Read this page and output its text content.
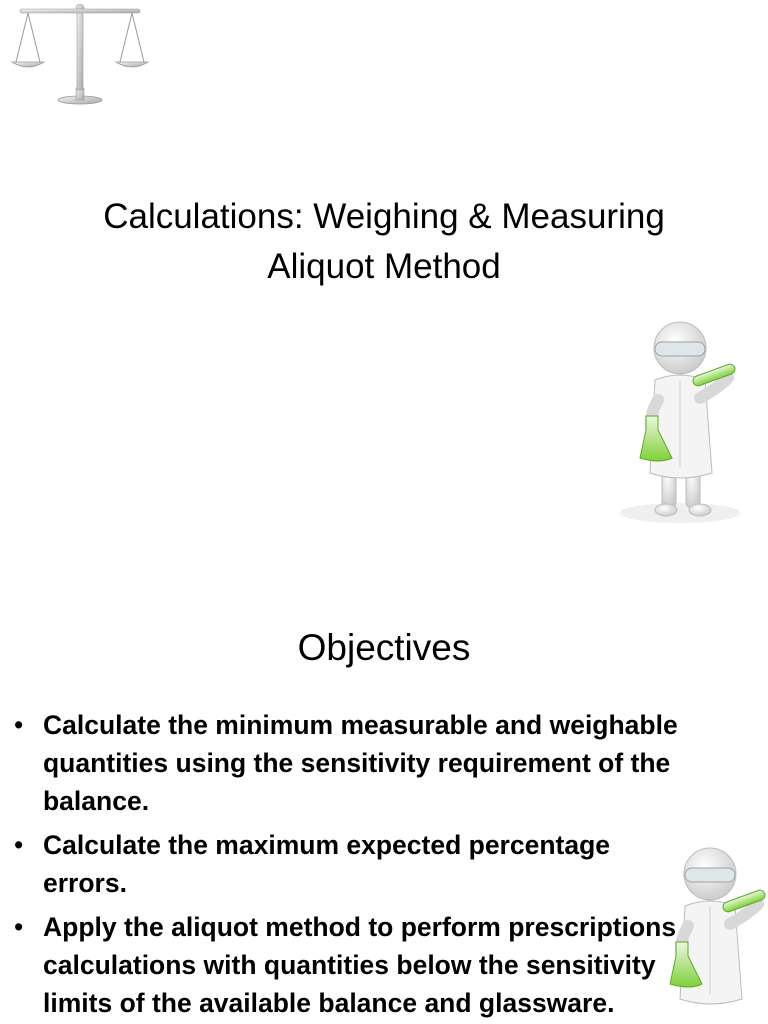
Calculations: Weighing & Measuring
Aliquot Method
Objectives
• Calculate the minimum measurable and weighable quantities using the sensitivity requirement of the balance.
• Calculate the maximum expected percentage errors.
• Apply the aliquot method to perform prescriptions calculations with quantities below the sensitivity limits of the available balance and glassware.
